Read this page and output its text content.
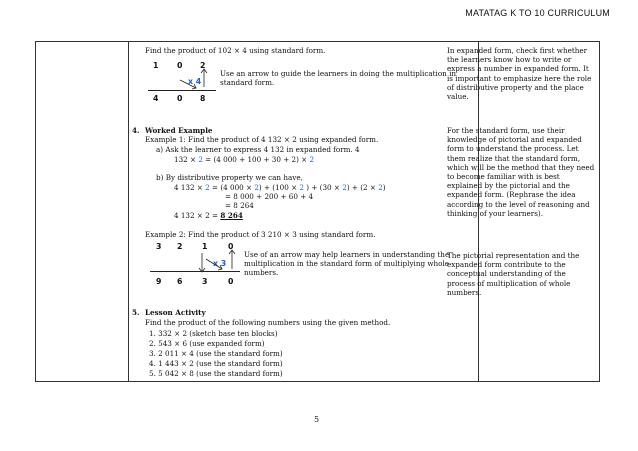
MATATAG K TO 10 CURRICULUM
Find the product of 102 × 4 using standard form.
1 0 2
x 4
4 0 8
Use an arrow to guide the learners in doing the multiplication in
standard form.
4. Worked Example
Example 1: Find the product of 4 132 × 2 using expanded form.
a) Ask the learner to express 4 132 in expanded form. 4
132 × 2 = (4 000 + 100 + 30 + 2) × 2
b) By distributive property we can have,
4 132 × 2 = (4 000 × 2) + (100 × 2 ) + (30 × 2) + (2 × 2)
= 8 000 + 200 + 60 + 4
= 8 264
4 132 × 2 = 8 264
Example 2: Find the product of 3 210 × 3 using standard form.
3 2	1	0
x 3
9 6	3	0
Use of an arrow may help learners in understanding the
multiplication in the standard form of multiplying whole
numbers.
5. Lesson Activity
Find the product of the following numbers using the given method.
1. 332 × 2 (sketch base ten blocks)
2. 543 × 6 (use expanded form)
3. 2 011 × 4 (use the standard form)
4. 1 443 × 2 (use the standard form)
5. 5 042 × 8 (use the standard form)
In expanded form, check first whether the learners know how to write or express a number in expanded form. It is important to emphasize here the role of distributive property and the place value.
For the standard form, use their knowledge of pictorial and expanded form to understand the process. Let them realize that the standard form, which will be the method that they need to become familiar with is best explained by the pictorial and the expanded form. (Rephrase the idea according to the level of reasoning and thinking of your learners).
The pictorial representation and the expanded form contribute to the conceptual understanding of the process of multiplication of whole numbers.
5
